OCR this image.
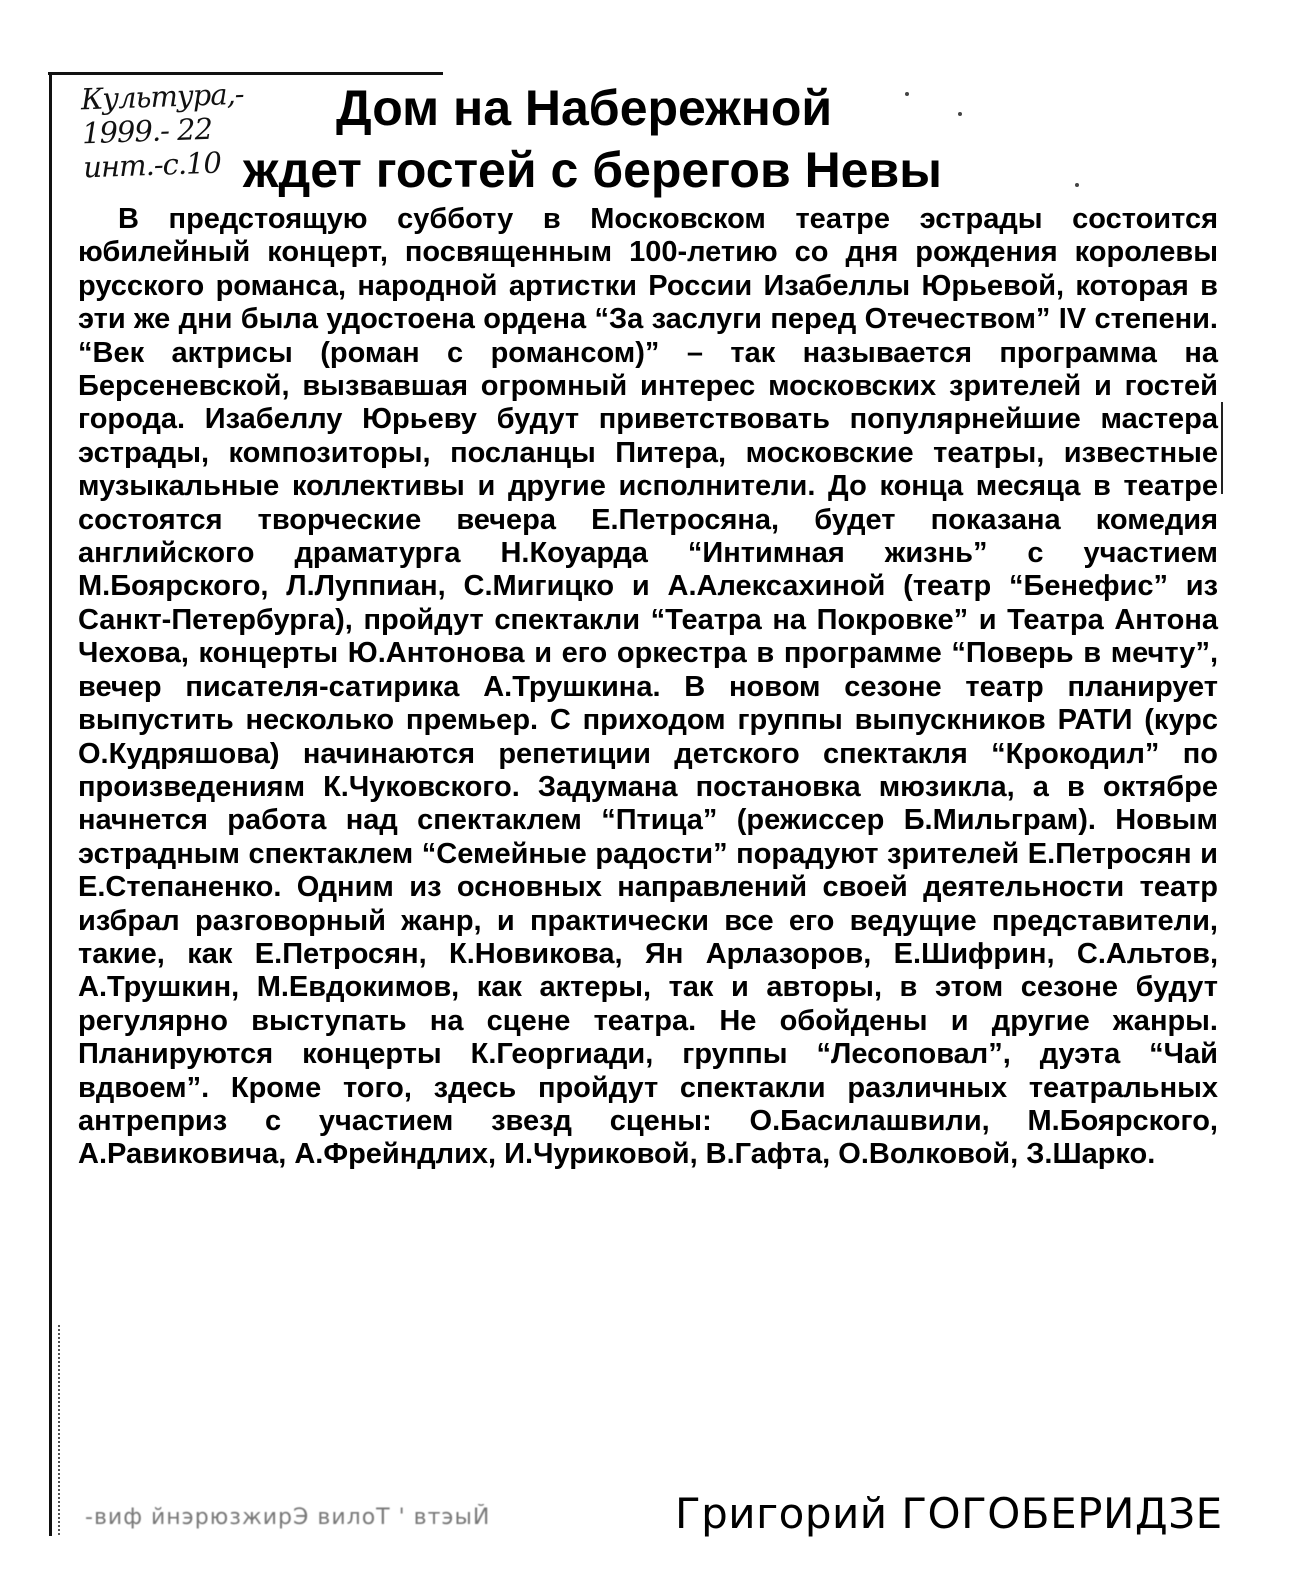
Культура,-
1999.- 22
инт.-с.10
Дом на Набережной
ждет гостей с берегов Невы

В предстоящую субботу в Московском театре эстрады состоится юбилейный концерт, посвященным 100-летию со дня рождения королевы русского романса, народной артистки России Изабеллы Юрьевой, которая в эти же дни была удостоена ордена “За заслуги перед Отечеством” IV степени. “Век актрисы (роман с романсом)” – так называется программа на Берсеневской, вызвавшая огромный интерес московских зрителей и гостей города. Изабеллу Юрьеву будут приветствовать популярнейшие мастера эстрады, композиторы, посланцы Питера, московские театры, известные музыкальные коллективы и другие исполнители. До конца месяца в театре состоятся творческие вечера Е.Петросяна, будет показана комедия английского драматурга Н.Коуарда “Интимная жизнь” с участием М.Боярского, Л.Луппиан, С.Мигицко и А.Алексахиной (театр “Бенефис” из Санкт-Петербурга), пройдут спектакли “Театра на Покровке” и Театра Антона Чехова, концерты Ю.Антонова и его оркестра в программе “Поверь в мечту”, вечер писателя-сатирика А.Трушкина. В новом сезоне театр планирует выпустить несколько премьер. С приходом группы выпускников РАТИ (курс О.Кудряшова) начинаются репетиции детского спектакля “Крокодил” по произведениям К.Чуковского. Задумана постановка мюзикла, а в октябре начнется работа над спектаклем “Птица” (режиссер Б.Мильграм). Новым эстрадным спектаклем “Семейные радости” порадуют зрителей Е.Петросян и Е.Степаненко. Одним из основных направлений своей деятельности театр избрал разговорный жанр, и практически все его ведущие представители, такие, как Е.Петросян, К.Новикова, Ян Арлазоров, Е.Шифрин, С.Альтов, А.Трушкин, М.Евдокимов, как актеры, так и авторы, в этом сезоне будут регулярно выступать на сцене театра. Не обойдены и другие жанры. Планируются концерты К.Георгиади, группы “Лесоповал”, дуэта “Чай вдвоем”. Кроме того, здесь пройдут спектакли различных театральных антреприз с участием звезд сцены: О.Басилашвили, М.Боярского, А.Равиковича, А.Фрейндлих, И.Чуриковой, В.Гафта, О.Волковой, З.Шарко.

-виф йнэрюзжирЭ вилоТ ' втэыЙ	Григорий ГОГОБЕРИДЗЕ
